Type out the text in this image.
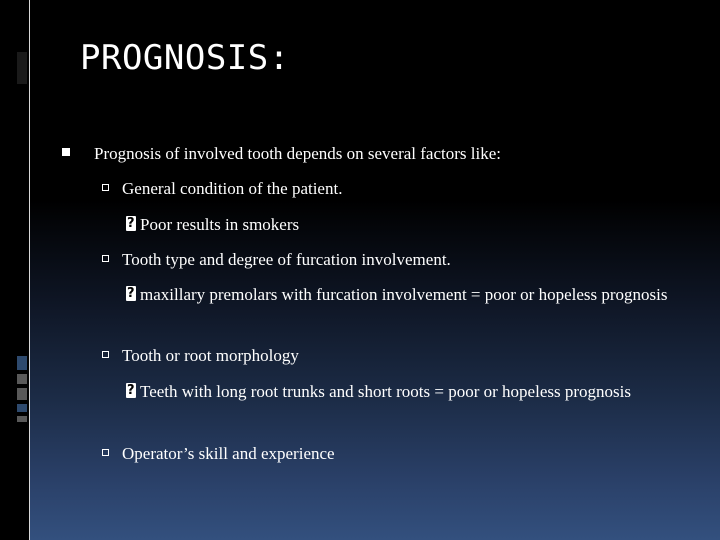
PROGNOSIS:
Prognosis of involved tooth depends on several factors like:
General condition of the patient.
?
Poor results in smokers
Tooth type and degree of furcation involvement.
?
maxillary premolars with furcation involvement = poor or hopeless prognosis
Tooth or root morphology
?
Teeth with long root trunks and short roots = poor or hopeless prognosis
Operator’s skill and experience
